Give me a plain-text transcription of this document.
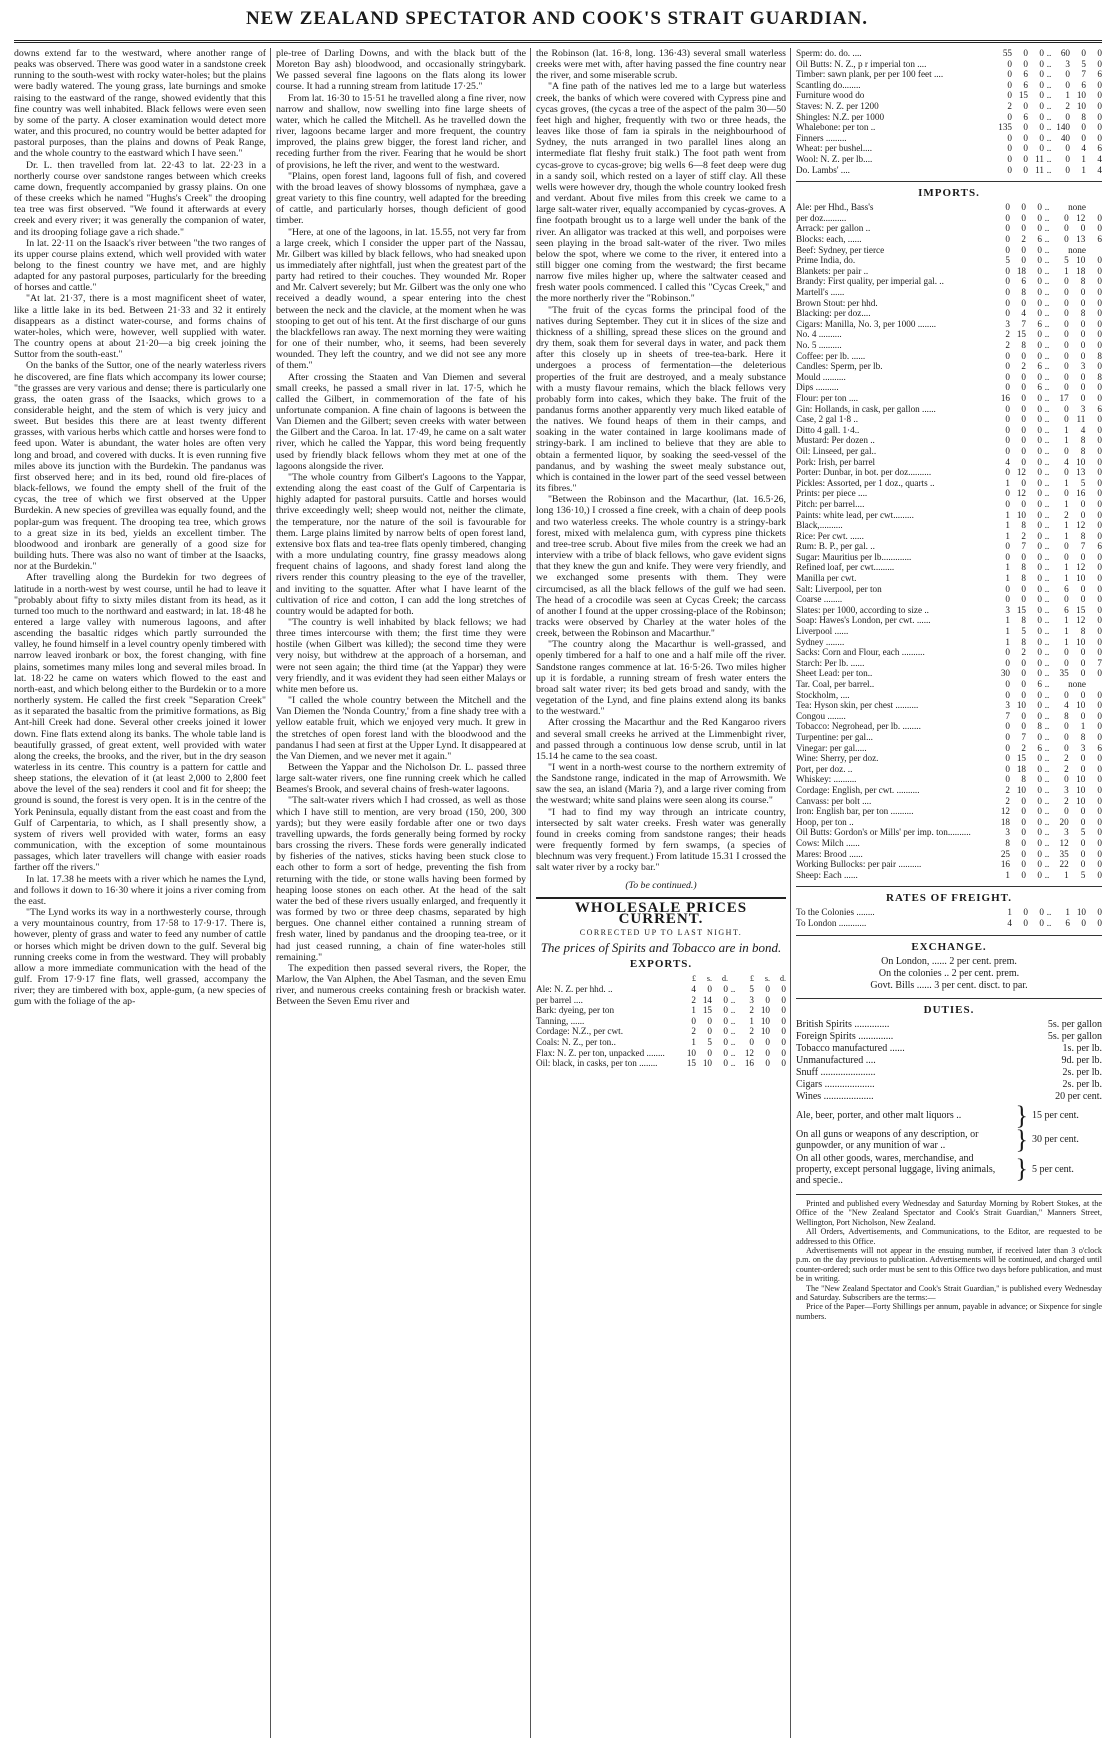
NEW ZEALAND SPECTATOR AND COOK'S STRAIT GUARDIAN.

downs extend far to the westward, where another range of peaks was observed. There was good water in a sandstone creek running to the south-west with rocky water-holes; but the plains were badly watered. The young grass, late burnings and smoke raising to the eastward of the range, showed evidently that this fine country was well inhabited. Black fellows were even seen by some of the party. A closer examination would detect more water, and this procured, no country would be better adapted for pastoral purposes, than the plains and downs of Peak Range, and the whole country to the eastward which I have seen."

Dr. L. then travelled from lat. 22·43 to lat. 22·23 in a northerly course over sandstone ranges between which creeks came down, frequently accompanied by grassy plains. On one of these creeks which he named "Hughs's Creek" the drooping tea tree was first observed. "We found it afterwards at every creek and every river; it was generally the companion of water, and its drooping foliage gave a rich shade."

In lat. 22·11 on the Isaack's river between "the two ranges of its upper course plains extend, which well provided with water belong to the finest country we have met, and are highly adapted for any pastoral purposes, particularly for the breeding of horses and cattle."

"At lat. 21·37, there is a most magnificent sheet of water, like a little lake in its bed. Between 21·33 and 32 it entirely disappears as a distinct water-course, and forms chains of water-holes, which were, however, well supplied with water. The country opens at about 21·20—a big creek joining the Suttor from the south-east."

On the banks of the Suttor, one of the nearly waterless rivers he discovered, are fine flats which accompany its lower course; "the grasses are very various and dense; there is particularly one grass, the oaten grass of the Isaacks, which grows to a considerable height, and the stem of which is very juicy and sweet. But besides this there are at least twenty different grasses, with various herbs which cattle and horses were fond to feed upon. Water is abundant, the water holes are often very long and broad, and covered with ducks. It is even running five miles above its junction with the Burdekin. The pandanus was first observed here; and in its bed, round old fire-places of black-fellows, we found the empty shell of the fruit of the cycas, the tree of which we first observed at the Upper Burdekin. A new species of grevillea was equally found, and the poplar-gum was frequent. The drooping tea tree, which grows to a great size in its bed, yields an excellent timber. The bloodwood and ironbark are generally of a good size for building huts. There was also no want of timber at the Isaacks, nor at the Burdekin."

After travelling along the Burdekin for two degrees of latitude in a north-west by west course, until he had to leave it "probably about fifty to sixty miles distant from its head, as it turned too much to the northward and eastward; in lat. 18·48 he entered a large valley with numerous lagoons, and after ascending the basaltic ridges which partly surrounded the valley, he found himself in a level country openly timbered with narrow leaved ironbark or box, the forest changing, with fine plains, sometimes many miles long and several miles broad. In lat. 18·22 he came on waters which flowed to the east and north-east, and which belong either to the Burdekin or to a more northerly system. He called the first creek "Separation Creek" as it separated the basaltic from the primitive formations, as Big Ant-hill Creek had done. Several other creeks joined it lower down. Fine flats extend along its banks. The whole table land is beautifully grassed, of great extent, well provided with water along the creeks, the brooks, and the river, but in the dry season waterless in its centre. This country is a pattern for cattle and sheep stations, the elevation of it (at least 2,000 to 2,800 feet above the level of the sea) renders it cool and fit for sheep; the ground is sound, the forest is very open. It is in the centre of the York Peninsula, equally distant from the east coast and from the Gulf of Carpentaria, to which, as I shall presently show, a system of rivers well provided with water, forms an easy communication, with the exception of some mountainous passages, which later travellers will change with easier roads farther off the rivers."

In lat. 17.38 he meets with a river which he names the Lynd, and follows it down to 16·30 where it joins a river coming from the east.

"The Lynd works its way in a northwesterly course, through a very mountainous country, from 17·58 to 17·9·17. There is, however, plenty of grass and water to feed any number of cattle or horses which might be driven down to the gulf. Several big running creeks come in from the westward. They will probably allow a more immediate communication with the head of the gulf. From 17·9·17 fine flats, well grassed, accompany the river; they are timbered with box, apple-gum, (a new species of gum with the foliage of the ap-

ple-tree of Darling Downs, and with the black butt of the Moreton Bay ash) bloodwood, and occasionally stringybark. We passed several fine lagoons on the flats along its lower course. It had a running stream from latitude 17·25."

From lat. 16·30 to 15·51 he travelled along a fine river, now narrow and shallow, now swelling into fine large sheets of water, which he called the Mitchell. As he travelled down the river, lagoons became larger and more frequent, the country improved, the plains grew bigger, the forest land richer, and receding further from the river. Fearing that he would be short of provisions, he left the river, and went to the westward.

"Plains, open forest land, lagoons full of fish, and covered with the broad leaves of showy blossoms of nymphæa, gave a great variety to this fine country, well adapted for the breeding of cattle, and particularly horses, though deficient of good timber.

"Here, at one of the lagoons, in lat. 15.55, not very far from a large creek, which I consider the upper part of the Nassau, Mr. Gilbert was killed by black fellows, who had sneaked upon us immediately after nightfall, just when the greatest part of the party had retired to their couches. They wounded Mr. Roper and Mr. Calvert severely; but Mr. Gilbert was the only one who received a deadly wound, a spear entering into the chest between the neck and the clavicle, at the moment when he was stooping to get out of his tent. At the first discharge of our guns the blackfellows ran away. The next morning they were waiting for one of their number, who, it seems, had been severely wounded. They left the country, and we did not see any more of them."

After crossing the Staaten and Van Diemen and several small creeks, he passed a small river in lat. 17·5, which he called the Gilbert, in commemoration of the fate of his unfortunate companion. A fine chain of lagoons is between the Van Diemen and the Gilbert; seven creeks with water between the Gilbert and the Caroa. In lat. 17·49, he came on a salt water river, which he called the Yappar, this word being frequently used by friendly black fellows whom they met at one of the lagoons alongside the river.

"The whole country from Gilbert's Lagoons to the Yappar, extending along the east coast of the Gulf of Carpentaria is highly adapted for pastoral pursuits. Cattle and horses would thrive exceedingly well; sheep would not, neither the climate, the temperature, nor the nature of the soil is favourable for them. Large plains limited by narrow belts of open forest land, extensive box flats and tea-tree flats openly timbered, changing with a more undulating country, fine grassy meadows along frequent chains of lagoons, and shady forest land along the rivers render this country pleasing to the eye of the traveller, and inviting to the squatter. After what I have learnt of the cultivation of rice and cotton, I can add the long stretches of country would be adapted for both.

"The country is well inhabited by black fellows; we had three times intercourse with them; the first time they were hostile (when Gilbert was killed); the second time they were very noisy, but withdrew at the approach of a horseman, and were not seen again; the third time (at the Yappar) they were very friendly, and it was evident they had seen either Malays or white men before us.

"I called the whole country between the Mitchell and the Van Diemen the 'Nonda Country,' from a fine shady tree with a yellow eatable fruit, which we enjoyed very much. It grew in the stretches of open forest land with the bloodwood and the pandanus I had seen at first at the Upper Lynd. It disappeared at the Van Diemen, and we never met it again."

Between the Yappar and the Nicholson Dr. L. passed three large salt-water rivers, one fine running creek which he called Beames's Brook, and several chains of fresh-water lagoons.

"The salt-water rivers which I had crossed, as well as those which I have still to mention, are very broad (150, 200, 300 yards); but they were easily fordable after one or two days travelling upwards, the fords generally being formed by rocky bars crossing the rivers. These fords were generally indicated by fisheries of the natives, sticks having been stuck close to each other to form a sort of hedge, preventing the fish from returning with the tide, or stone walls having been formed by heaping loose stones on each other. At the head of the salt water the bed of these rivers usually enlarged, and frequently it was formed by two or three deep chasms, separated by high bergues. One channel either contained a running stream of fresh water, lined by pandanus and the drooping tea-tree, or it had just ceased running, a chain of fine water-holes still remaining."

The expedition then passed several rivers, the Roper, the Marlow, the Van Alphen, the Abel Tasman, and the seven Emu river, and numerous creeks containing fresh or brackish water. Between the Seven Emu river and

the Robinson (lat. 16·8, long. 136·43) several small waterless creeks were met with, after having passed the fine country near the river, and some miserable scrub.

"A fine path of the natives led me to a large but waterless creek, the banks of which were covered with Cypress pine and cycas groves, (the cycas a tree of the aspect of the palm 30—50 feet high and higher, frequently with two or three heads, the leaves like those of fam ia spirals in the neighbourhood of Sydney, the nuts arranged in two parallel lines along an intermediate flat fleshy fruit stalk.) The foot path went from cycas-grove to cycas-grove; big wells 6—8 feet deep were dug in a sandy soil, which rested on a layer of stiff clay. All these wells were however dry, though the whole country looked fresh and verdant. About five miles from this creek we came to a large salt-water river, equally accompanied by cycas-groves. A fine footpath brought us to a large well under the bank of the river. An alligator was tracked at this well, and porpoises were seen playing in the broad salt-water of the river. Two miles below the spot, where we come to the river, it entered into a still bigger one coming from the westward; the first became narrow five miles higher up, where the saltwater ceased and fresh water pools commenced. I called this "Cycas Creek," and the more northerly river the "Robinson."

"The fruit of the cycas forms the principal food of the natives during September. They cut it in slices of the size and thickness of a shilling, spread these slices on the ground and dry them, soak them for several days in water, and pack them after this closely up in sheets of tree-tea-bark. Here it undergoes a process of fermentation—the deleterious properties of the fruit are destroyed, and a mealy substance with a musty flavour remains, which the black fellows very probably form into cakes, which they bake. The fruit of the pandanus forms another apparently very much liked eatable of the natives. We found heaps of them in their camps, and soaking in the water contained in large koolimans made of stringy-bark. I am inclined to believe that they are able to obtain a fermented liquor, by soaking the seed-vessel of the pandanus, and by washing the sweet mealy substance out, which is contained in the lower part of the seed vessel between its fibres."

"Between the Robinson and the Macarthur, (lat. 16.5·26, long 136·10,) I crossed a fine creek, with a chain of deep pools and two waterless creeks. The whole country is a stringy-bark forest, mixed with melalenca gum, with cypress pine thickets and tree-tree scrub. About five miles from the creek we had an interview with a tribe of black fellows, who gave evident signs that they knew the gun and knife. They were very friendly, and we exchanged some presents with them. They were circumcised, as all the black fellows of the gulf we had seen. The head of a crocodile was seen at Cycas Creek; the carcass of another I found at the upper crossing-place of the Robinson; tracks were observed by Charley at the water holes of the creek, between the Robinson and Macarthur."

"The country along the Macarthur is well-grassed, and openly timbered for a half to one and a half mile off the river. Sandstone ranges commence at lat. 16·5·26. Two miles higher up it is fordable, a running stream of fresh water enters the broad salt water river; its bed gets broad and sandy, with the vegetation of the Lynd, and fine plains extend along its banks to the westward."

After crossing the Macarthur and the Red Kangaroo rivers and several small creeks he arrived at the Limmenbight river, and passed through a continuous low dense scrub, until in lat 15.14 he came to the sea coast.

"I went in a north-west course to the northern extremity of the Sandstone range, indicated in the map of Arrowsmith. We saw the sea, an island (Maria ?), and a large river coming from the westward; white sand plains were seen along its course."

"I had to find my way through an intricate country, intersected by salt water creeks. Fresh water was generally found in creeks coming from sandstone ranges; their heads were frequently formed by fern swamps, (a species of blechnum was very frequent.) From latitude 15.31 I crossed the salt water river by a rocky bar."

(To be continued.)
WHOLESALE PRICES CURRENT.
CORRECTED UP TO LAST NIGHT.
The prices of Spirits and Tobacco are in bond.
EXPORTS.
	£	s.	d.		£	s.	d.
Ale: N. Z. per hhd. ..	4	0	0	..	5	0	0
per barrel ....	2	14	0	..	3	0	0
Bark: dyeing, per ton	1	15	0	..	2	10	0
Tanning, ......	0	0	0	..	1	10	0
Cordage: N.Z., per cwt.	2	0	0	..	2	10	0
Coals: N. Z., per ton..	1	5	0	..	0	0	0
Flax: N. Z. per ton, unpacked ........	10	0	0	..	12	0	0
Oil: black, in casks, per ton ........	15	10	0	..	16	0	0
Sperm: do. do. ....	55	0	0	..	60	0	0
Oil Butts: N. Z., p r imperial ton ....	0	0	0	..	3	5	0
Timber: sawn plank, per per 100 feet ....	0	6	0	..	0	7	6
Scantling do........	0	6	0	..	0	6	0
Furniture wood do	0	15	0	..	1	10	0
Staves: N. Z. per 1200	2	0	0	..	2	10	0
Shingles: N.Z. per 1000	0	6	0	..	0	8	0
Whalebone: per ton ..	135	0	0	..	140	0	0
Finners .........	0	0	0	..	40	0	0
Wheat: per bushel....	0	0	0	..	0	4	6
Wool: N. Z. per lb....	0	0	11	..	0	1	4
Do. Lambs' ....	0	0	11	..	0	1	4
IMPORTS.
Ale: per Hhd., Bass's	0	0	0	..	none		
per doz..........	0	0	0	..	0	12	0
Arrack: per gallon ..	0	0	0	..	0	0	0
Blocks: each, ......	0	2	6	..	0	13	6
Beef: Sydney, per tierce	0	0	0	..	none		
Prime India, do.	5	0	0	..	5	10	0
Blankets: per pair ..	0	18	0	..	1	18	0
Brandy: First quality, per imperial gal. ..	0	6	0	..	0	8	0
Martell's ......	0	8	0	..	0	0	0
Brown Stout: per hhd.	0	0	0	..	0	0	0
Blacking: per doz....	0	4	0	..	0	8	0
Cigars: Manilla, No. 3, per 1000 ........	3	7	6	..	0	0	0
No. 4 ..........	2	15	0	..	0	0	0
No. 5 ..........	2	8	0	..	0	0	0
Coffee: per lb. ......	0	0	0	..	0	0	8
Candles: Sperm, per lb.	0	2	6	..	0	3	0
Mould ..........	0	0	0	..	0	0	8
Dips ..........	0	0	6	..	0	0	0
Flour: per ton ....	16	0	0	..	17	0	0
Gin: Hollands, in cask, per gallon ......	0	0	0	..	0	3	6
Case, 2 gal 1·8 ..	0	0	0	..	0	11	0
Ditto 4 gall. 1·4..	0	0	0	..	1	4	0
Mustard: Per dozen ..	0	0	0	..	1	8	0
Oil: Linseed, per gal..	0	0	0	..	0	8	0
Pork: Irish, per barrel	4	0	0	..	4	10	0
Porter: Dunbar, in bot. per doz..........	0	12	0	..	0	13	0
Pickles: Assorted, per 1 doz., quarts ..	1	0	0	..	1	5	0
Prints: per piece ....	0	12	0	..	0	16	0
Pitch: per barrel....	0	0	0	..	1	0	0
Paints: white lead, per cwt.........	1	10	0	..	2	0	0
Black,..........	1	8	0	..	1	12	0
Rice: Per cwt. ......	1	2	0	..	1	8	0
Rum: B. P., per gal. ..	0	7	0	..	0	7	6
Sugar: Mauritius per lb.............	0	0	0	..	0	0	0
Refined loaf, per cwt.........	1	8	0	..	1	12	0
Manilla per cwt.	1	8	0	..	1	10	0
Salt: Liverpool, per ton	0	0	0	..	6	0	0
Coarse ........	0	0	0	..	0	0	0
Slates: per 1000, according to size ..	3	15	0	..	6	15	0
Soap: Hawes's London, per cwt. ......	1	8	0	..	1	12	0
Liverpool ......	1	5	0	..	1	8	0
Sydney ........	1	8	0	..	1	10	0
Sacks: Corn and Flour, each ..........	0	2	0	..	0	0	0
Starch: Per lb. ......	0	0	0	..	0	0	7
Sheet Lead: per ton..	30	0	0	..	35	0	0
Tar. Coal, per barrel..	0	0	6	..	none		
Stockholm, ....	0	0	0	..	0	0	0
Tea: Hyson skin, per chest ..........	3	10	0	..	4	10	0
Congou ........	7	0	0	..	8	0	0
Tobacco: Negrohead, per lb. ........	0	0	8	..	0	1	0
Turpentine: per gal...	0	7	0	..	0	8	0
Vinegar: per gal.....	0	2	6	..	0	3	6
Wine: Sherry, per doz.	0	15	0	..	2	0	0
Port, per doz. ..	0	18	0	..	2	0	0
Whiskey: ..........	0	8	0	..	0	10	0
Cordage: English, per cwt. ..........	2	10	0	..	3	10	0
Canvass: per bolt ....	2	0	0	..	2	10	0
Iron: English bar, per ton ..........	12	0	0	..	0	0	0
Hoop, per ton ..	18	0	0	..	20	0	0
Oil Butts: Gordon's or Mills' per imp. ton..........	3	0	0	..	3	5	0
Cows: Milch ......	8	0	0	..	12	0	0
Mares: Brood ......	25	0	0	..	35	0	0
Working Bullocks: per pair ..........	16	0	0	..	22	0	0
Sheep: Each ......	1	0	0	..	1	5	0
RATES OF FREIGHT.
To the Colonies ........	1	0	0	..	1	10	0
To London ............	4	0	0	..	6	0	0
EXCHANGE.
On London, ...... 2 per cent. prem.
On the colonies .. 2 per cent. prem.
Govt. Bills ...... 3 per cent. disct. to par.
DUTIES.
British Spirits ..............	5s. per gallon
Foreign Spirits ..............	5s. per gallon
Tobacco manufactured ......	1s. per lb.
Unmanufactured ....	9d. per lb.
Snuff ......................	2s. per lb.
Cigars ....................	2s. per lb.
Wines ....................	20 per cent.
Ale, beer, porter, and other malt liquors ..	} 15 per cent.
On all guns or weapons of any description, or gunpowder, or any munition of war ..	} 30 per cent.
On all other goods, wares, merchandise, and property, except personal luggage, living animals, and specie..	} 5 per cent.

Printed and published every Wednesday and Saturday Morning by Robert Stokes, at the Office of the "New Zealand Spectator and Cook's Strait Guardian," Manners Street, Wellington, Port Nicholson, New Zealand.

All Orders, Advertisements, and Communications, to the Editor, are requested to be addressed to this Office.

Advertisements will not appear in the ensuing number, if received later than 3 o'clock p.m. on the day previous to publication. Advertisements will be continued, and charged until counter-ordered; such order must be sent to this Office two days before publication, and must be in writing.

The "New Zealand Spectator and Cook's Strait Guardian," is published every Wednesday and Saturday. Subscribers are the terms:—

Price of the Paper—Forty Shillings per annum, payable in advance; or Sixpence for single numbers.
